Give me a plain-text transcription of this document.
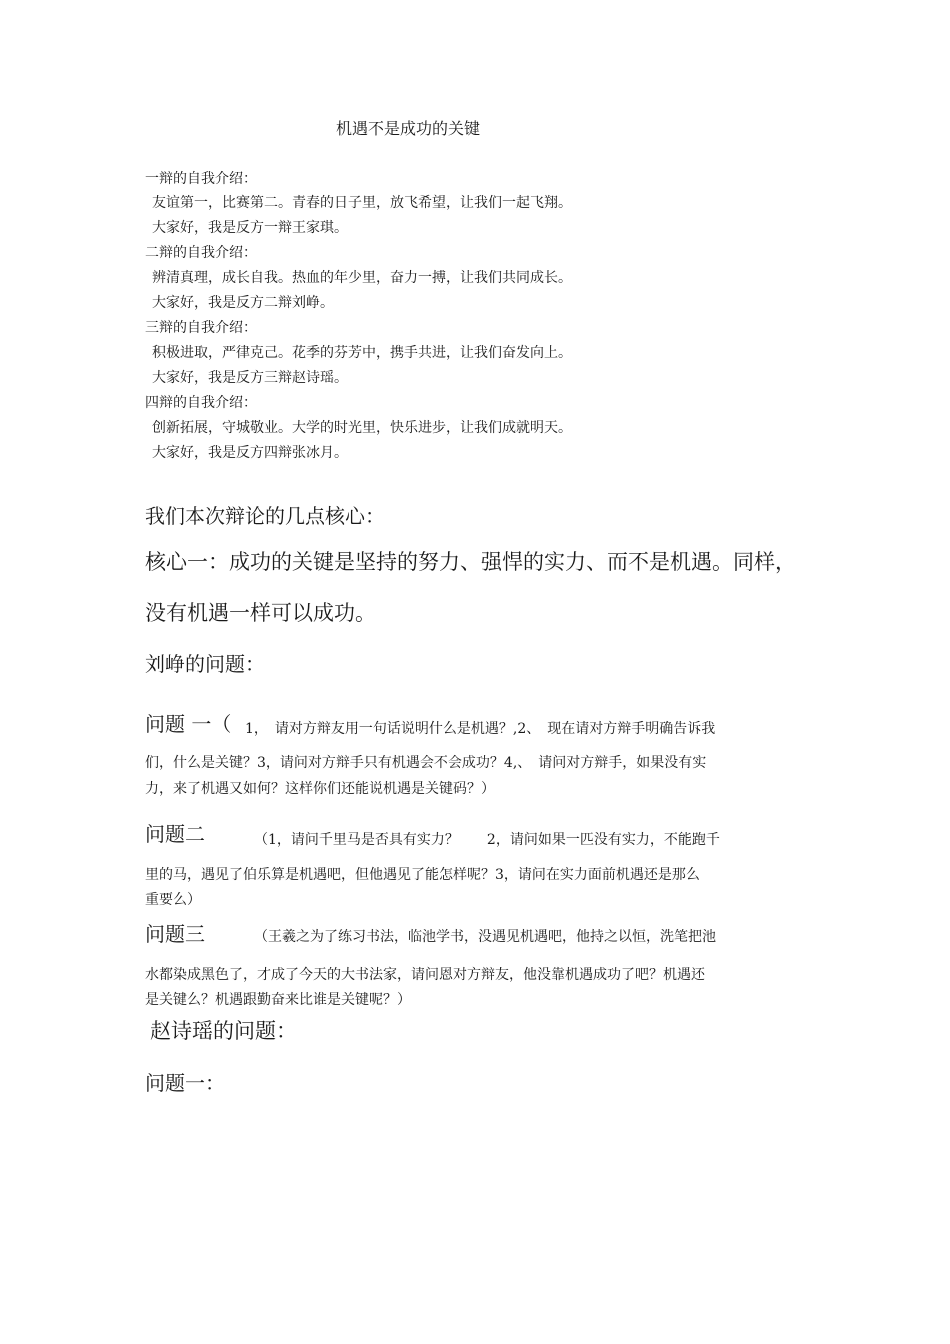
机遇不是成功的关键
一辩的自我介绍：
友谊第一，比赛第二。青春的日子里，放飞希望，让我们一起飞翔。
大家好，我是反方一辩王家琪。
二辩的自我介绍：
辨清真理，成长自我。热血的年少里，奋力一搏，让我们共同成长。
大家好，我是反方二辩刘峥。
三辩的自我介绍：
积极进取，严律克己。花季的芬芳中，携手共进，让我们奋发向上。
大家好，我是反方三辩赵诗瑶。
四辩的自我介绍：
创新拓展，守城敬业。大学的时光里，快乐进步，让我们成就明天。
大家好，我是反方四辩张冰月。
我们本次辩论的几点核心：
核心一：成功的关键是坚持的努力、强悍的实力、而不是机遇。同样，
没有机遇一样可以成功。
刘峥的问题：
问题 一（ 1，　请对方辩友用一句话说明什么是机遇？,2、　现在请对方辩手明确告诉我
们，什么是关键？3，请问对方辩手只有机遇会不会成功？4,、　请问对方辩手，如果没有实
力，来了机遇又如何？这样你们还能说机遇是关键码？）
问题二	（1，请问千里马是否具有实力？　　2，请问如果一匹没有实力，不能跑千
里的马，遇见了伯乐算是机遇吧，但他遇见了能怎样呢？3，请问在实力面前机遇还是那么
重要么）
问题三	（王羲之为了练习书法，临池学书，没遇见机遇吧，他持之以恒，洗笔把池
水都染成黑色了，才成了今天的大书法家，请问恩对方辩友，他没靠机遇成功了吧？机遇还
是关键么？机遇跟勤奋来比谁是关键呢？）
赵诗瑶的问题：
问题一：
